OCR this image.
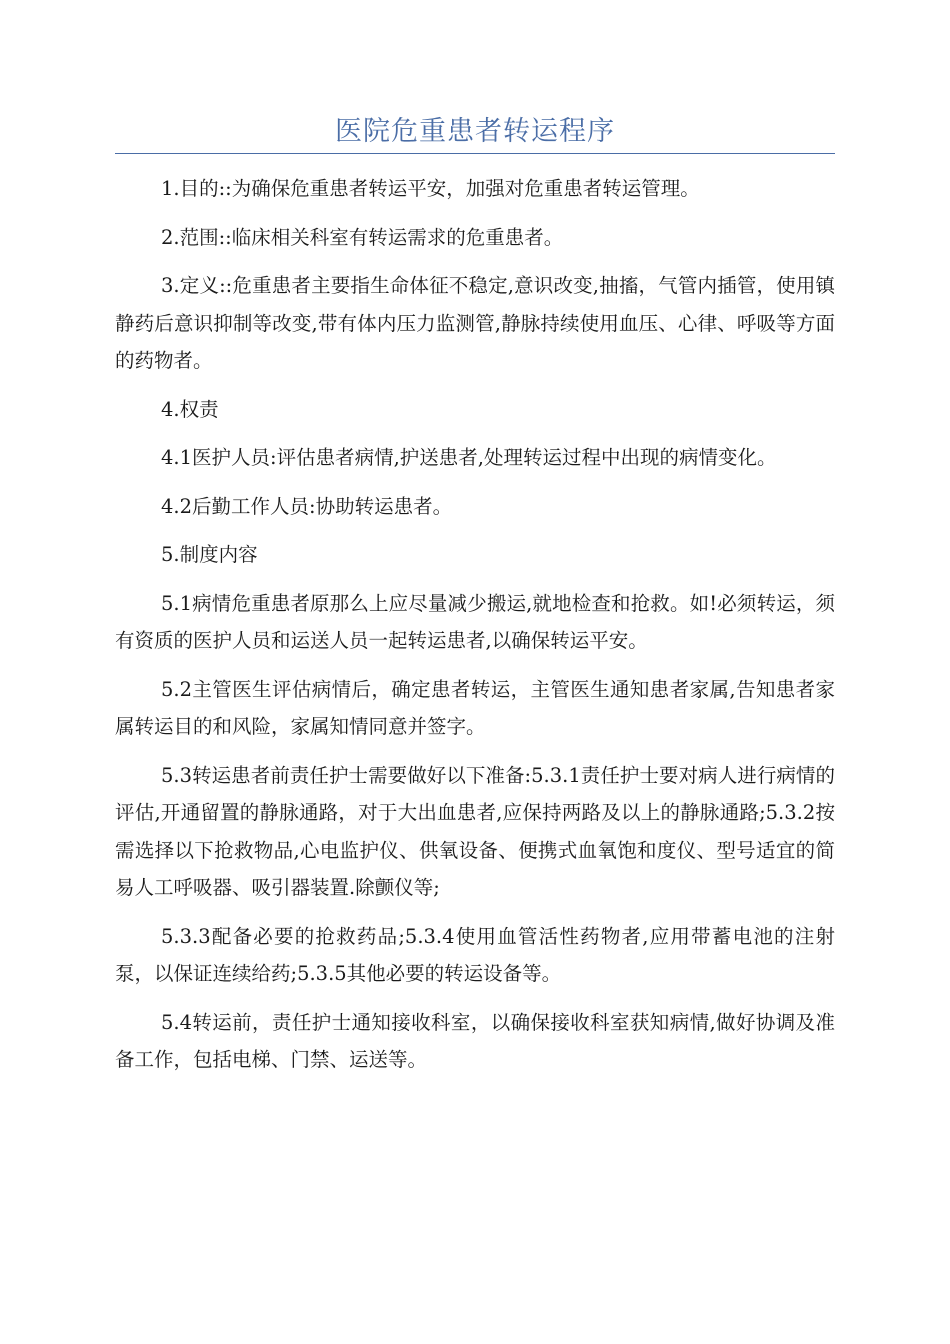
医院危重患者转运程序

1.目的::为确保危重患者转运平安，加强对危重患者转运管理。

2.范围::临床相关科室有转运需求的危重患者。

3.定义::危重患者主要指生命体征不稳定,意识改变,抽搐，气管内插管，使用镇静药后意识抑制等改变,带有体内压力监测管,静脉持续使用血压、心律、呼吸等方面的药物者。

4.权责

4.1医护人员:评估患者病情,护送患者,处理转运过程中出现的病情变化。

4.2后勤工作人员:协助转运患者。

5.制度内容

5.1病情危重患者原那么上应尽量减少搬运,就地检查和抢救。如!必须转运，须有资质的医护人员和运送人员一起转运患者,以确保转运平安。

5.2主管医生评估病情后，确定患者转运，主管医生通知患者家属,告知患者家属转运目的和风险，家属知情同意并签字。

5.3转运患者前责任护士需要做好以下准备:5.3.1责任护士要对病人进行病情的评估,开通留置的静脉通路，对于大出血患者,应保持两路及以上的静脉通路;5.3.2按需选择以下抢救物品,心电监护仪、供氧设备、便携式血氧饱和度仪、型号适宜的简易人工呼吸器、吸引器装置.除颤仪等;

5.3.3配备必要的抢救药品;5.3.4使用血管活性药物者,应用带蓄电池的注射泵，以保证连续给药;5.3.5其他必要的转运设备等。

5.4转运前，责任护士通知接收科室，以确保接收科室获知病情,做好协调及准备工作，包括电梯、门禁、运送等。
